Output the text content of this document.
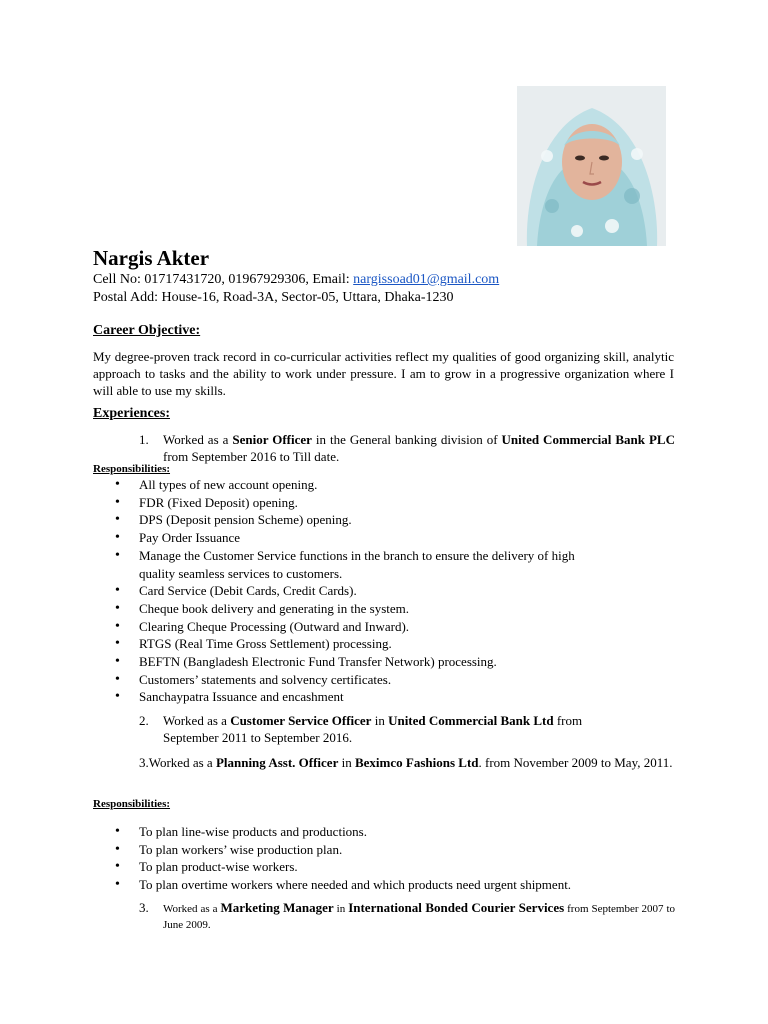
Nargis Akter
Cell No: 01717431720, 01967929306, Email: nargissoad01@gmail.com
Postal Add: House-16, Road-3A, Sector-05, Uttara, Dhaka-1230
Career Objective:
My degree-proven track record in co-curricular activities reflect my qualities of good organizing skill, analytic approach to tasks and the ability to work under pressure. I am to grow in a progressive organization where I will able to use my skills.
Experiences:
1. Worked as a Senior Officer in the General banking division of United Commercial Bank PLC from September 2016 to Till date.
Responsibilities:
• All types of new account opening.
• FDR (Fixed Deposit) opening.
• DPS (Deposit pension Scheme) opening.
• Pay Order Issuance
• Manage the Customer Service functions in the branch to ensure the delivery of high quality seamless services to customers.
• Card Service (Debit Cards, Credit Cards).
• Cheque book delivery and generating in the system.
• Clearing Cheque Processing (Outward and Inward).
• RTGS (Real Time Gross Settlement) processing.
• BEFTN (Bangladesh Electronic Fund Transfer Network) processing.
• Customers’ statements and solvency certificates.
• Sanchaypatra Issuance and encashment
2. Worked as a Customer Service Officer in United Commercial Bank Ltd from September 2011 to September 2016.
3.Worked as a Planning Asst. Officer in Beximco Fashions Ltd. from November 2009 to May, 2011.
Responsibilities:
• To plan line-wise products and productions.
• To plan workers’ wise production plan.
• To plan product-wise workers.
• To plan overtime workers where needed and which products need urgent shipment.
3. Worked as a Marketing Manager in International Bonded Courier Services from September 2007 to June 2009.
